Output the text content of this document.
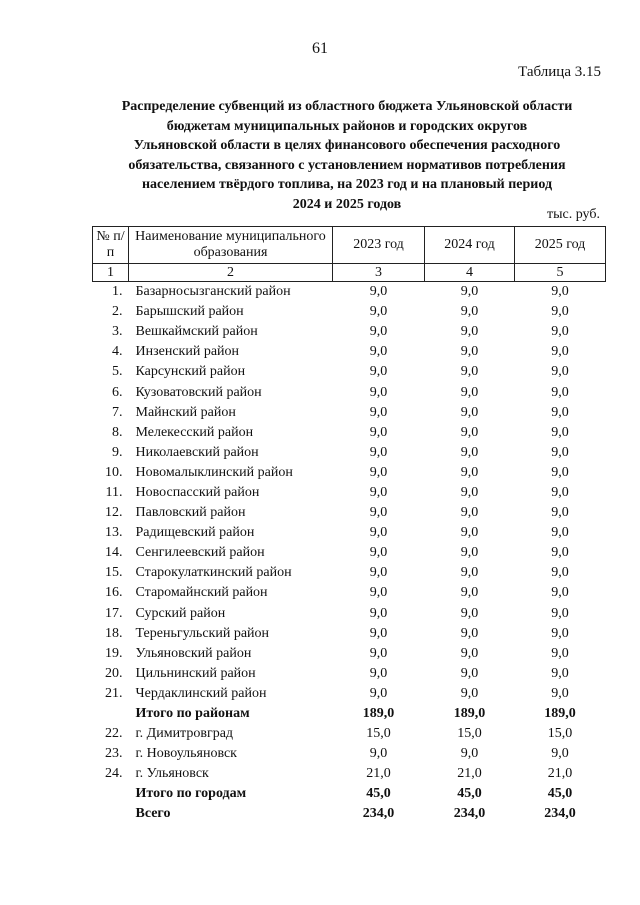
61
Таблица 3.15
Распределение субвенций из областного бюджета Ульяновской области
бюджетам муниципальных районов и городских округов
Ульяновской области в целях финансового обеспечения расходного
обязательства, связанного с установлением нормативов потребления
населением твёрдого топлива, на 2023 год и на плановый период
2024 и 2025 годов
тыс. руб.
№ п/п	Наименование муниципального образования	2023 год	2024 год	2025 год
1	2	3	4	5
1.	Базарносызганский район	9,0	9,0	9,0
2.	Барышский район	9,0	9,0	9,0
3.	Вешкаймский район	9,0	9,0	9,0
4.	Инзенский район	9,0	9,0	9,0
5.	Карсунский район	9,0	9,0	9,0
6.	Кузоватовский район	9,0	9,0	9,0
7.	Майнский район	9,0	9,0	9,0
8.	Мелекесский район	9,0	9,0	9,0
9.	Николаевский район	9,0	9,0	9,0
10.	Новомалыклинский район	9,0	9,0	9,0
11.	Новоспасский район	9,0	9,0	9,0
12.	Павловский район	9,0	9,0	9,0
13.	Радищевский район	9,0	9,0	9,0
14.	Сенгилеевский район	9,0	9,0	9,0
15.	Старокулаткинский район	9,0	9,0	9,0
16.	Старомайнский район	9,0	9,0	9,0
17.	Сурский район	9,0	9,0	9,0
18.	Тереньгульский район	9,0	9,0	9,0
19.	Ульяновский район	9,0	9,0	9,0
20.	Цильнинский район	9,0	9,0	9,0
21.	Чердаклинский район	9,0	9,0	9,0
	Итого по районам	189,0	189,0	189,0
22.	г. Димитровград	15,0	15,0	15,0
23.	г. Новоульяновск	9,0	9,0	9,0
24.	г. Ульяновск	21,0	21,0	21,0
	Итого по городам	45,0	45,0	45,0
	Всего	234,0	234,0	234,0
